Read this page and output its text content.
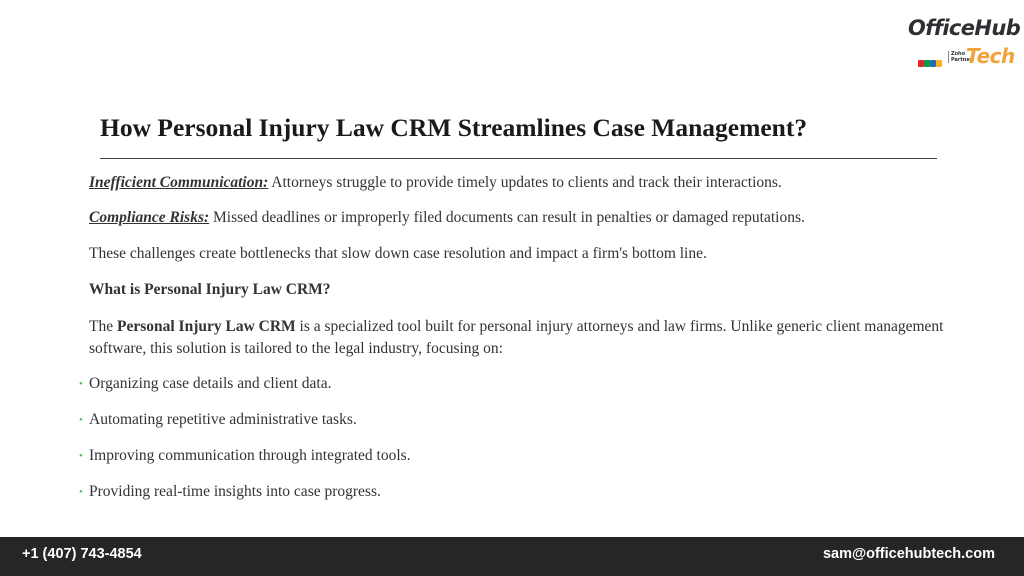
OfficeHub
Zoho
Partner
Tech
How Personal Injury Law CRM Streamlines Case Management?

Inefficient Communication: Attorneys struggle to provide timely updates to clients and track their interactions.

Compliance Risks: Missed deadlines or improperly filed documents can result in penalties or damaged reputations.

These challenges create bottlenecks that slow down case resolution and impact a firm's bottom line.

What is Personal Injury Law CRM?

The Personal Injury Law CRM is a specialized tool built for personal injury attorneys and law firms. Unlike generic client management software, this solution is tailored to the legal industry, focusing on:

• Organizing case details and client data.
• Automating repetitive administrative tasks.
• Improving communication through integrated tools.
• Providing real-time insights into case progress.
+1 (407) 743-4854	sam@officehubtech.com
